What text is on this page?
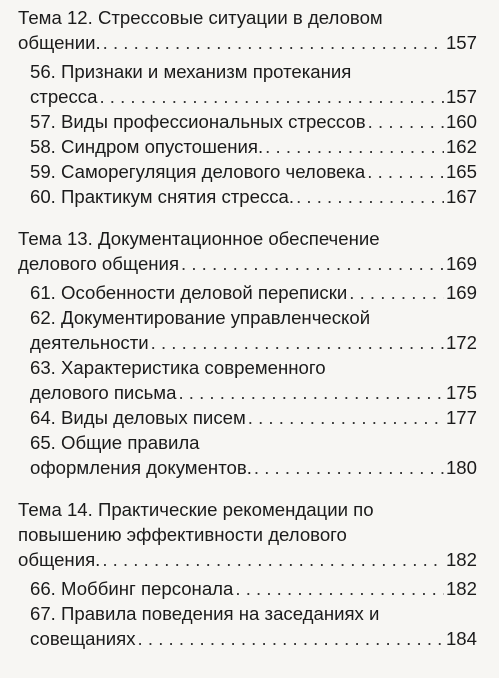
Тема 12. Стрессовые ситуации в деловом
общении. . . .	157
56. Признаки и механизм протекания
стресса . . .	157
57. Виды профессиональных стрессов . . .	160
58. Синдром опустошения. . . .	162
59. Саморегуляция делового человека . . .	165
60. Практикум снятия стресса. . . .	167
Тема 13. Документационное обеспечение
делового общения . . .	169
61. Особенности деловой переписки . . .	169
62. Документирование управленческой
деятельности . . .	172
63. Характеристика современного
делового письма . . .	175
64. Виды деловых писем . . .	177
65. Общие правила
оформления документов. . . .	180
Тема 14. Практические рекомендации по
повышению эффективности делового
общения. . . .	182
66. Моббинг персонала . . .	182
67. Правила поведения на заседаниях и
совещаниях . . .	184
